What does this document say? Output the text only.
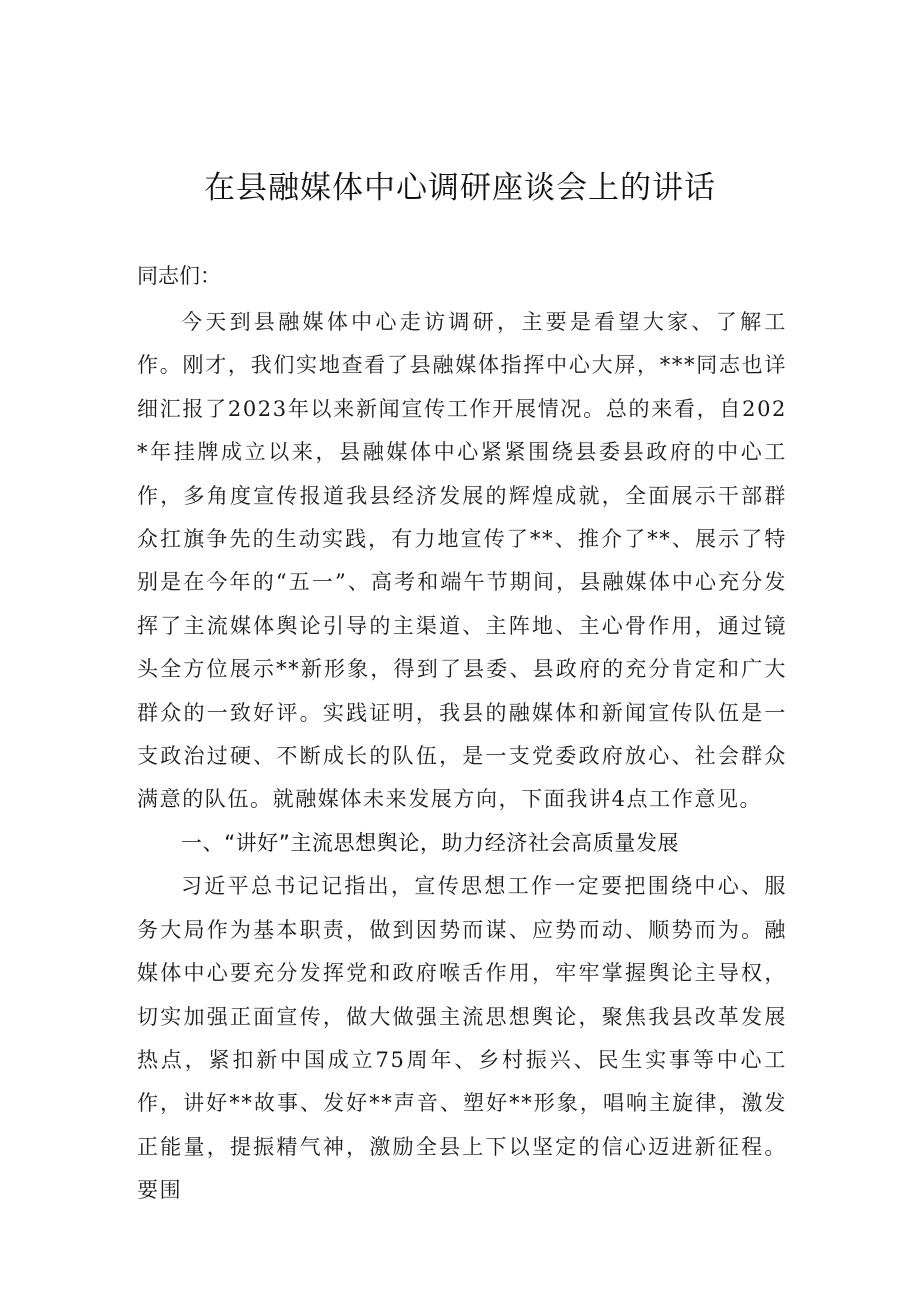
在县融媒体中心调研座谈会上的讲话

同志们：

今天到县融媒体中心走访调研，主要是看望大家、了解工作。刚才，我们实地查看了县融媒体指挥中心大屏，***同志也详细汇报了2023年以来新闻宣传工作开展情况。总的来看，自202*年挂牌成立以来，县融媒体中心紧紧围绕县委县政府的中心工作，多角度宣传报道我县经济发展的辉煌成就，全面展示干部群众扛旗争先的生动实践，有力地宣传了**、推介了**、展示了特别是在今年的“五一”、高考和端午节期间，县融媒体中心充分发挥了主流媒体舆论引导的主渠道、主阵地、主心骨作用，通过镜头全方位展示**新形象，得到了县委、县政府的充分肯定和广大群众的一致好评。实践证明，我县的融媒体和新闻宣传队伍是一支政治过硬、不断成长的队伍，是一支党委政府放心、社会群众满意的队伍。就融媒体未来发展方向，下面我讲4点工作意见。

一、“讲好”主流思想舆论，助力经济社会高质量发展

习近平总书记记指出，宣传思想工作一定要把围绕中心、服务大局作为基本职责，做到因势而谋、应势而动、顺势而为。融媒体中心要充分发挥党和政府喉舌作用，牢牢掌握舆论主导权，切实加强正面宣传，做大做强主流思想舆论，聚焦我县改革发展热点，紧扣新中国成立75周年、乡村振兴、民生实事等中心工作，讲好**故事、发好**声音、塑好**形象，唱响主旋律，激发正能量，提振精气神，激励全县上下以坚定的信心迈进新征程。要围
